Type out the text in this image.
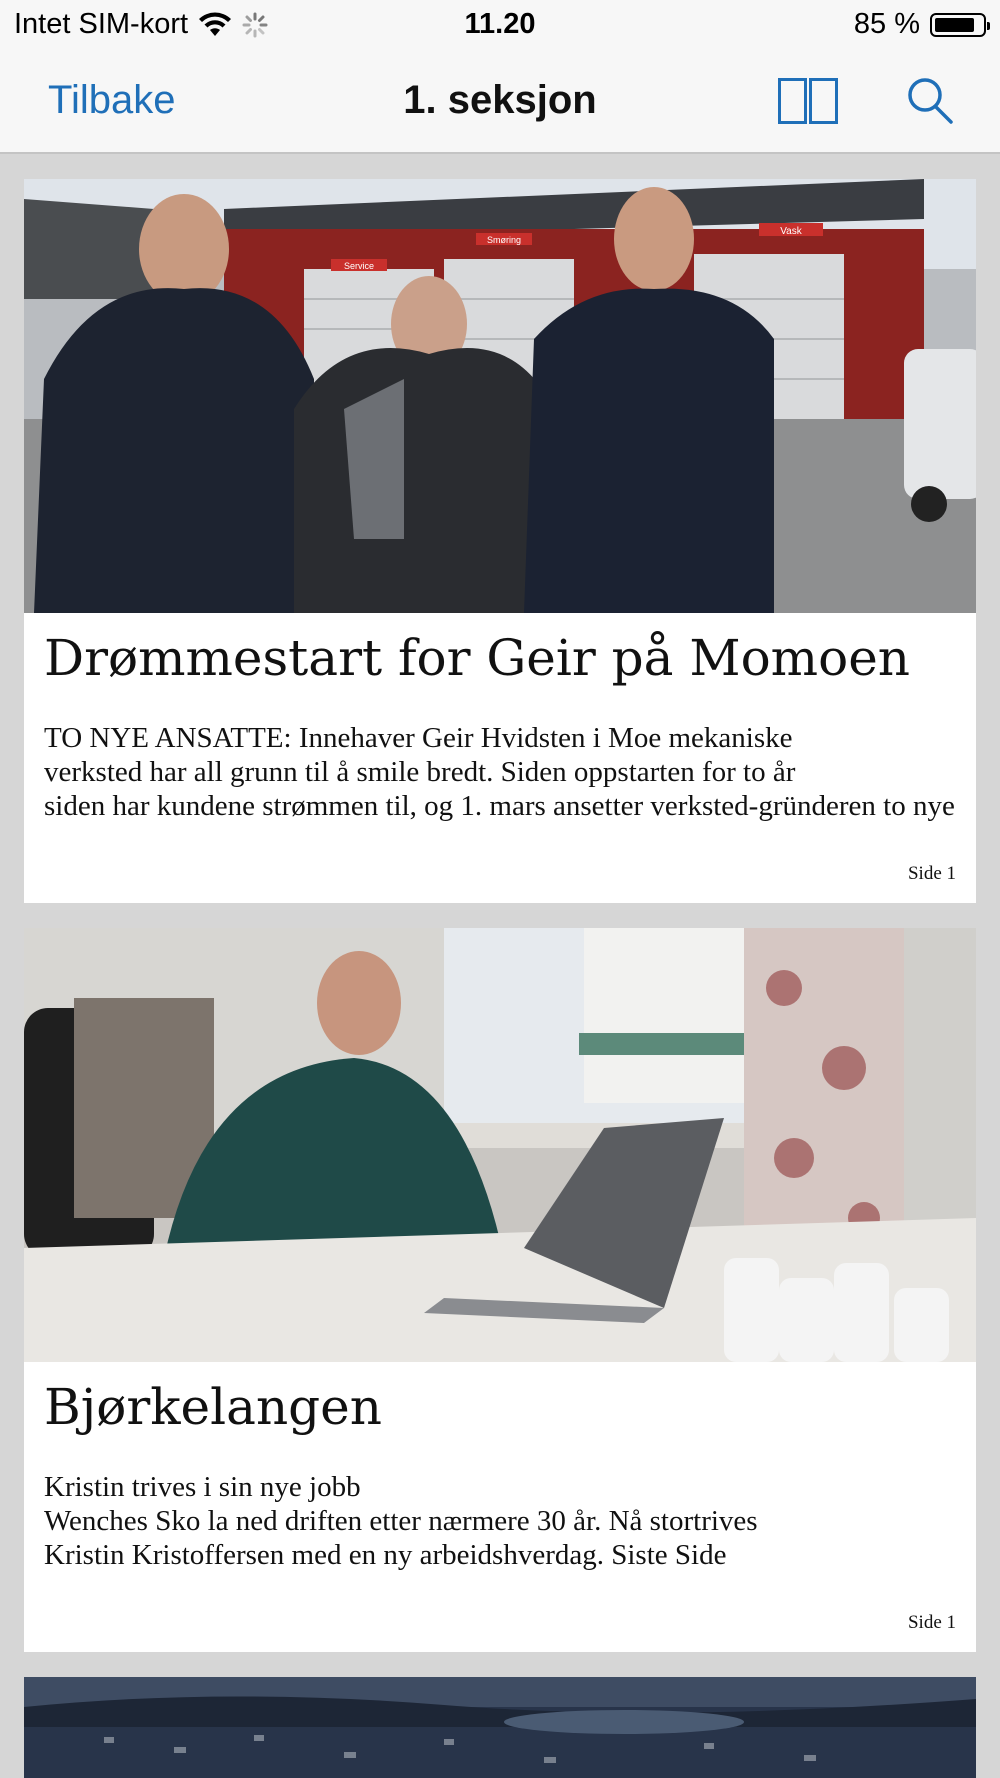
Intet SIM-kort	11.20	85 %
Tilbake	1. seksjon
Service
Smøring
Vask
Drømmestart for Geir på Momoen

TO NYE ANSATTE: Innehaver Geir Hvidsten i Moe mekaniske
verksted har all grunn til å smile bredt. Siden oppstarten for to år
siden har kundene strømmen til, og 1. mars ansetter verksted-gründeren to nye

Side 1
Bjørkelangen

Kristin trives i sin nye jobb
Wenches Sko la ned driften etter nærmere 30 år. Nå stortrives
Kristin Kristoffersen med en ny arbeidshverdag. Siste Side

Side 1
